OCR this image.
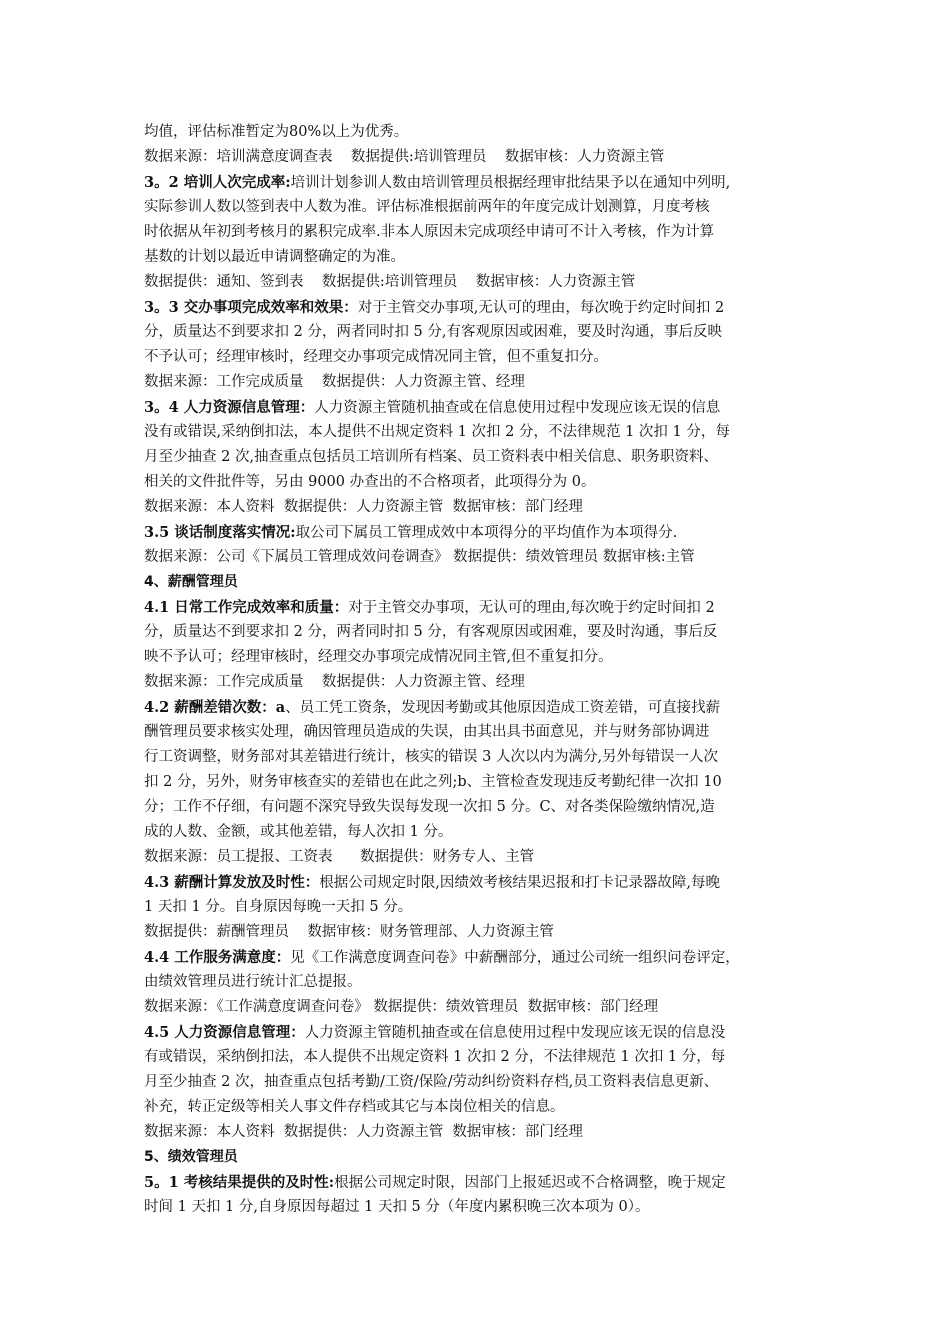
均值，评估标准暂定为80%以上为优秀。
数据来源：培训满意度调查表    数据提供:培训管理员    数据审核：人力资源主管
3。2 培训人次完成率:培训计划参训人数由培训管理员根据经理审批结果予以在通知中列明,
实际参训人数以签到表中人数为准。评估标准根据前两年的年度完成计划测算，月度考核
时依据从年初到考核月的累积完成率.非本人原因未完成项经申请可不计入考核，作为计算
基数的计划以最近申请调整确定的为准。
数据提供：通知、签到表    数据提供:培训管理员    数据审核：人力资源主管
3。3 交办事项完成效率和效果：对于主管交办事项,无认可的理由，每次晚于约定时间扣 2
分，质量达不到要求扣 2 分，两者同时扣 5 分,有客观原因或困难，要及时沟通，事后反映
不予认可；经理审核时，经理交办事项完成情况同主管，但不重复扣分。
数据来源：工作完成质量    数据提供：人力资源主管、经理
3。4 人力资源信息管理：人力资源主管随机抽查或在信息使用过程中发现应该无误的信息
没有或错误,采纳倒扣法，本人提供不出规定资料 1 次扣 2 分，不法律规范 1 次扣 1 分，每
月至少抽查 2 次,抽查重点包括员工培训所有档案、员工资料表中相关信息、职务职资料、
相关的文件批件等，另由 9000 办查出的不合格项者，此项得分为 0。
数据来源：本人资料  数据提供：人力资源主管  数据审核：部门经理
3.5 谈话制度落实情况:取公司下属员工管理成效中本项得分的平均值作为本项得分.
数据来源：公司《下属员工管理成效问卷调查》 数据提供：绩效管理员 数据审核:主管
4、薪酬管理员
4.1 日常工作完成效率和质量：对于主管交办事项，无认可的理由,每次晚于约定时间扣 2
分，质量达不到要求扣 2 分，两者同时扣 5 分，有客观原因或困难，要及时沟通，事后反
映不予认可；经理审核时，经理交办事项完成情况同主管,但不重复扣分。
数据来源：工作完成质量    数据提供：人力资源主管、经理
4.2 薪酬差错次数：a、员工凭工资条，发现因考勤或其他原因造成工资差错，可直接找薪
酬管理员要求核实处理，确因管理员造成的失误，由其出具书面意见，并与财务部协调进
行工资调整，财务部对其差错进行统计，核实的错误 3 人次以内为满分,另外每错误一人次
扣 2 分，另外，财务审核查实的差错也在此之列;b、主管检查发现违反考勤纪律一次扣 10
分；工作不仔细，有问题不深究导致失误每发现一次扣 5 分。C、对各类保险缴纳情况,造
成的人数、金额，或其他差错，每人次扣 1 分。
数据来源：员工提报、工资表      数据提供：财务专人、主管
4.3 薪酬计算发放及时性：根据公司规定时限,因绩效考核结果迟报和打卡记录器故障,每晚
1 天扣 1 分。自身原因每晚一天扣 5 分。
数据提供：薪酬管理员    数据审核：财务管理部、人力资源主管
4.4 工作服务满意度：见《工作满意度调查问卷》中薪酬部分，通过公司统一组织问卷评定，
由绩效管理员进行统计汇总提报。
数据来源：《工作满意度调查问卷》 数据提供：绩效管理员  数据审核：部门经理
4.5 人力资源信息管理：人力资源主管随机抽查或在信息使用过程中发现应该无误的信息没
有或错误，采纳倒扣法，本人提供不出规定资料 1 次扣 2 分，不法律规范 1 次扣 1 分，每
月至少抽查 2 次，抽查重点包括考勤/工资/保险/劳动纠纷资料存档,员工资料表信息更新、
补充，转正定级等相关人事文件存档或其它与本岗位相关的信息。
数据来源：本人资料  数据提供：人力资源主管  数据审核：部门经理
5、绩效管理员
5。1 考核结果提供的及时性:根据公司规定时限，因部门上报延迟或不合格调整，晚于规定
时间 1 天扣 1 分,自身原因每超过 1 天扣 5 分（年度内累积晚三次本项为 0）。
